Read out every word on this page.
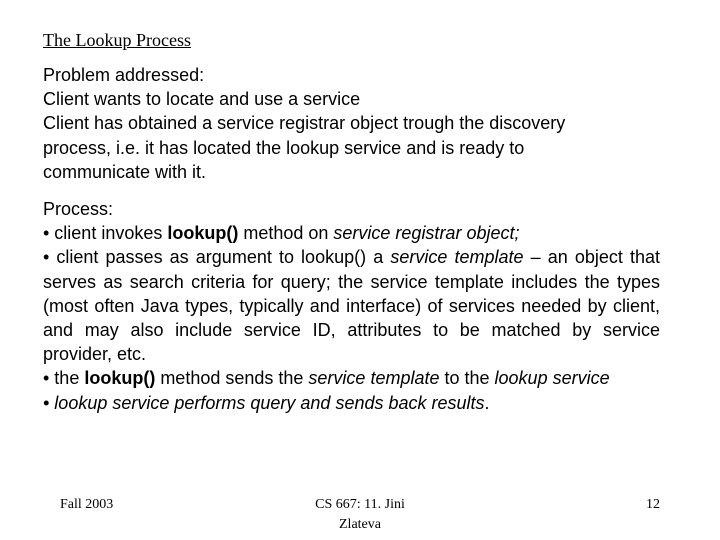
The Lookup Process
Problem addressed:
Client wants to locate and use a service
Client has obtained a service registrar object trough the discovery
process, i.e. it has located the lookup service and is ready to
communicate with it.
Process:
• client invokes lookup() method on service registrar object;
• client passes as argument to lookup() a service template – an object that serves as search criteria for query; the service template includes the types (most often Java types, typically and interface) of services needed by client, and may also include service ID, attributes to be matched by service provider, etc.
• the lookup() method sends the service template to the lookup service
• lookup service performs query and sends back results.
Fall 2003	CS 667: 11. Jini Zlateva
12
